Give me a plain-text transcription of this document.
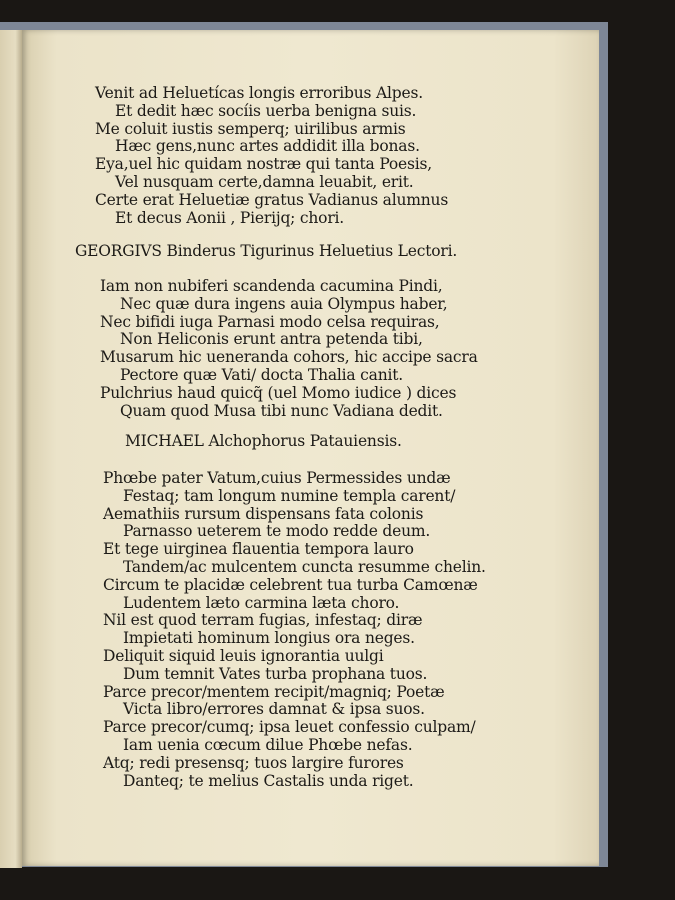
Venit ad Heluetícas longis erroribus Alpes.
Et dedit hæc socíis uerba benigna suis.
Me coluit iustis semperq; uirilibus armis
Hæc gens,nunc artes addidit illa bonas.
Eya,uel hic quidam nostræ qui tanta Poesis,
Vel nusquam certe,damna leuabit, erit.
Certe erat Heluetiæ gratus Vadianus alumnus
Et decus Aonii , Pierijq; chori.
GEORGIVS Binderus Tigurinus Heluetius Lectori.
Iam non nubiferi scandenda cacumina Pindi,
Nec quæ dura ingens auia Olympus haber,
Nec bifidi iuga Parnasi modo celsa requiras,
Non Heliconis erunt antra petenda tibi,
Musarum hic ueneranda cohors, hic accipe sacra
Pectore quæ Vati/ docta Thalia canit.
Pulchrius haud quicq̃ (uel Momo iudice ) dices
Quam quod Musa tibi nunc Vadiana dedit.
MICHAEL Alchophorus Patauiensis.
Phœbe pater Vatum,cuius Permessides undæ
Festaq; tam longum numine templa carent/
Aemathiis rursum dispensans fata colonis
Parnasso ueterem te modo redde deum.
Et tege uirginea flauentia tempora lauro
Tandem/ac mulcentem cuncta resumme chelin.
Circum te placidæ celebrent tua turba Camœnæ
Ludentem læto carmina læta choro.
Nil est quod terram fugias, infestaq; diræ
Impietati hominum longius ora neges.
Deliquit siquid leuis ignorantia uulgi
Dum temnit Vates turba prophana tuos.
Parce precor/mentem recipit/magniq; Poetæ
Victa libro/errores damnat & ipsa suos.
Parce precor/cumq; ipsa leuet confessio culpam/
Iam uenia cœcum dilue Phœbe nefas.
Atq; redi presensq; tuos largire furores
Danteq; te melius Castalis unda riget.
